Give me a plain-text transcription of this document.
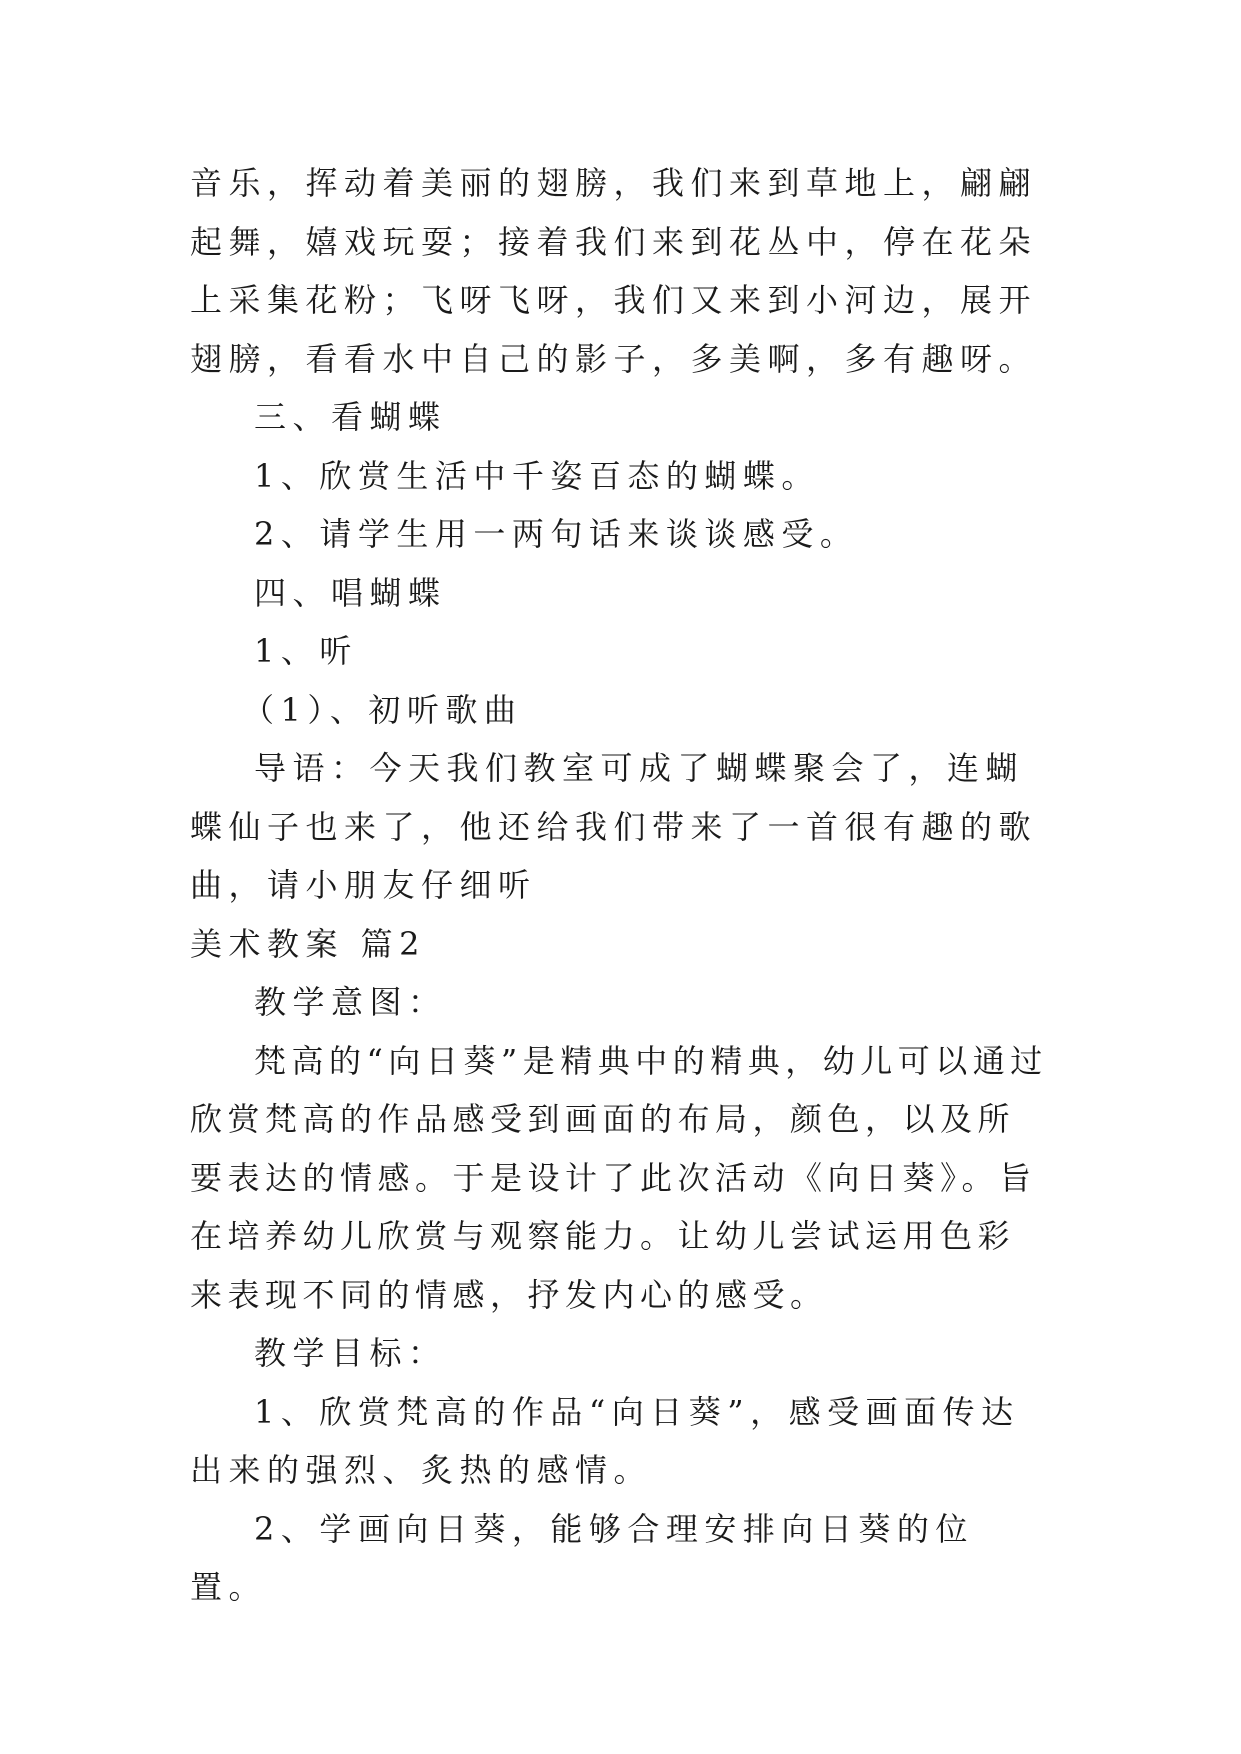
音乐，挥动着美丽的翅膀，我们来到草地上，翩翩起舞，嬉戏玩耍；接着我们来到花丛中，停在花朵上采集花粉；飞呀飞呀，我们又来到小河边，展开翅膀，看看水中自己的影子，多美啊，多有趣呀。

三、看蝴蝶

1、欣赏生活中千姿百态的蝴蝶。

2、请学生用一两句话来谈谈感受。

四、唱蝴蝶

1、听

（1）、初听歌曲

导语：今天我们教室可成了蝴蝶聚会了，连蝴蝶仙子也来了，他还给我们带来了一首很有趣的歌曲，请小朋友仔细听

美术教案 篇2

教学意图：

梵高的“向日葵”是精典中的精典，幼儿可以通过欣赏梵高的作品感受到画面的布局，颜色，以及所要表达的情感。于是设计了此次活动《向日葵》。旨在培养幼儿欣赏与观察能力。让幼儿尝试运用色彩来表现不同的情感，抒发内心的感受。

教学目标：

1、欣赏梵高的作品“向日葵”，感受画面传达出来的强烈、炙热的感情。

2、学画向日葵，能够合理安排向日葵的位置。
